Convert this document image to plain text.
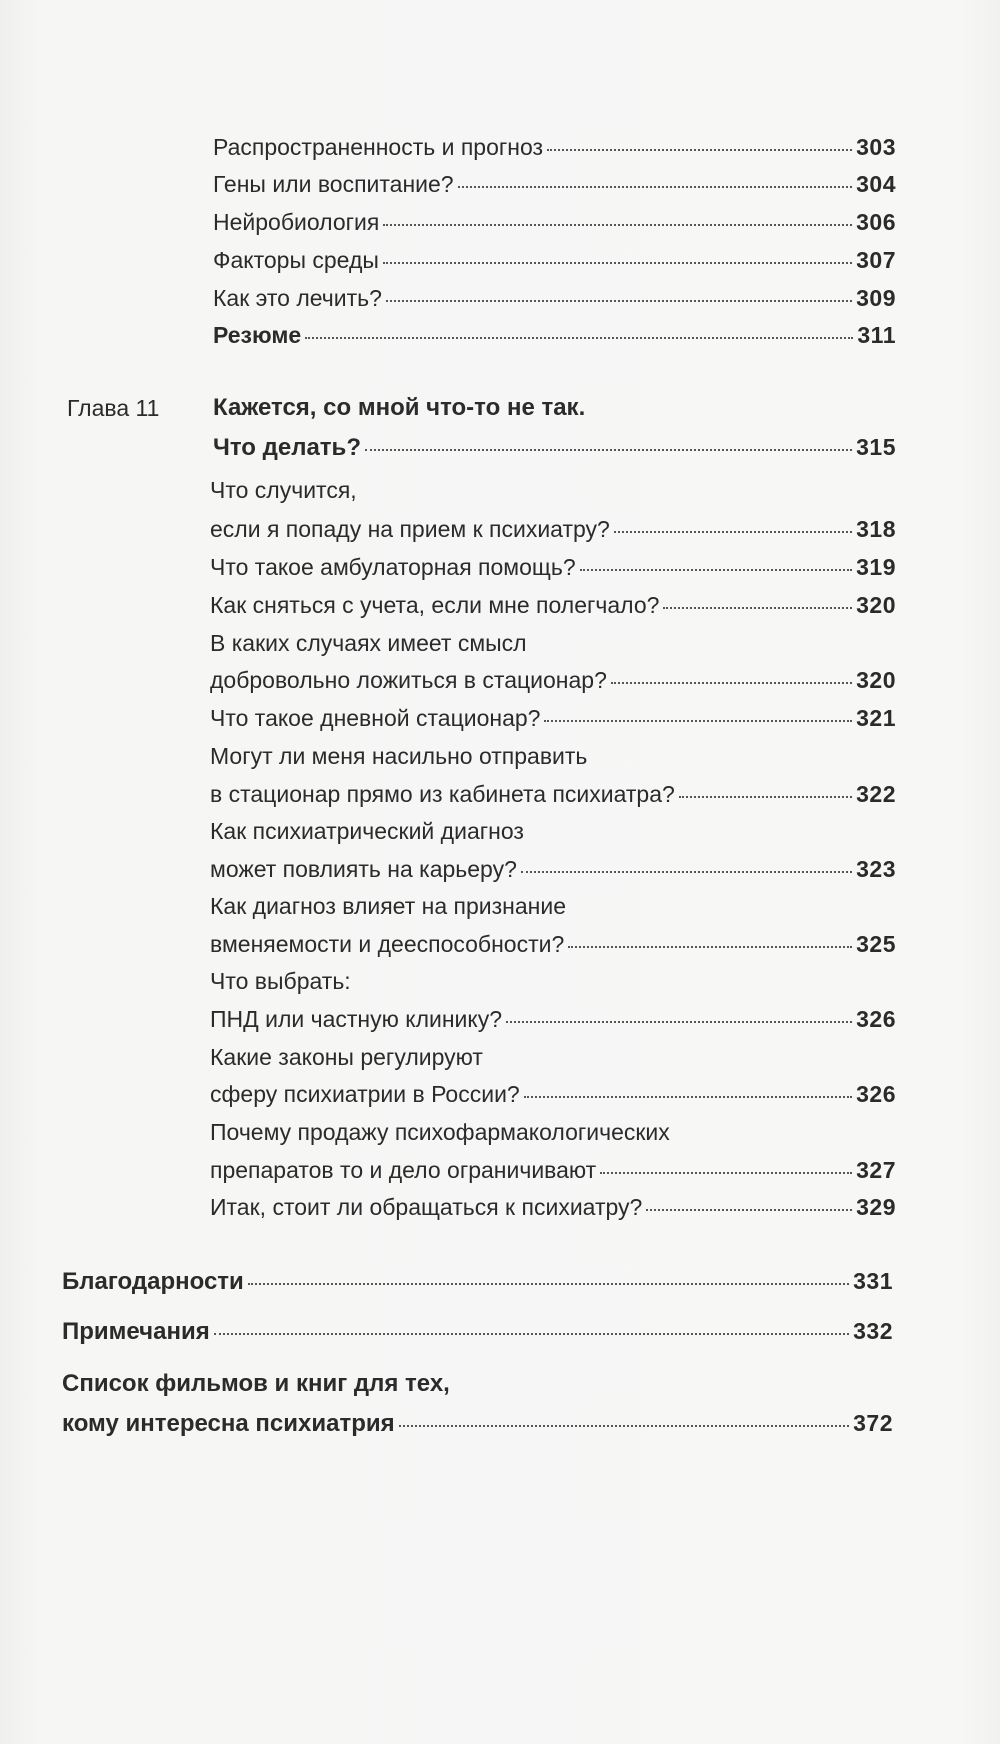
Распространенность и прогноз	303
Гены или воспитание?	304
Нейробиология	306
Факторы среды	307
Как это лечить?	309
Резюме	311
Глава 11 Кажется, со мной что-то не так.
Что делать?	315
Что случится,
если я попаду на прием к психиатру?	318
Что такое амбулаторная помощь?	319
Как сняться с учета, если мне полегчало?	320
В каких случаях имеет смысл
добровольно ложиться в стационар?	320
Что такое дневной стационар?	321
Могут ли меня насильно отправить
в стационар прямо из кабинета психиатра?	322
Как психиатрический диагноз
может повлиять на карьеру?	323
Как диагноз влияет на признание
вменяемости и дееспособности?	325
Что выбрать:
ПНД или частную клинику?	326
Какие законы регулируют
сферу психиатрии в России?	326
Почему продажу психофармакологических
препаратов то и дело ограничивают	327
Итак, стоит ли обращаться к психиатру?	329
Благодарности	331
Примечания	332
Список фильмов и книг для тех,
кому интересна психиатрия	372
